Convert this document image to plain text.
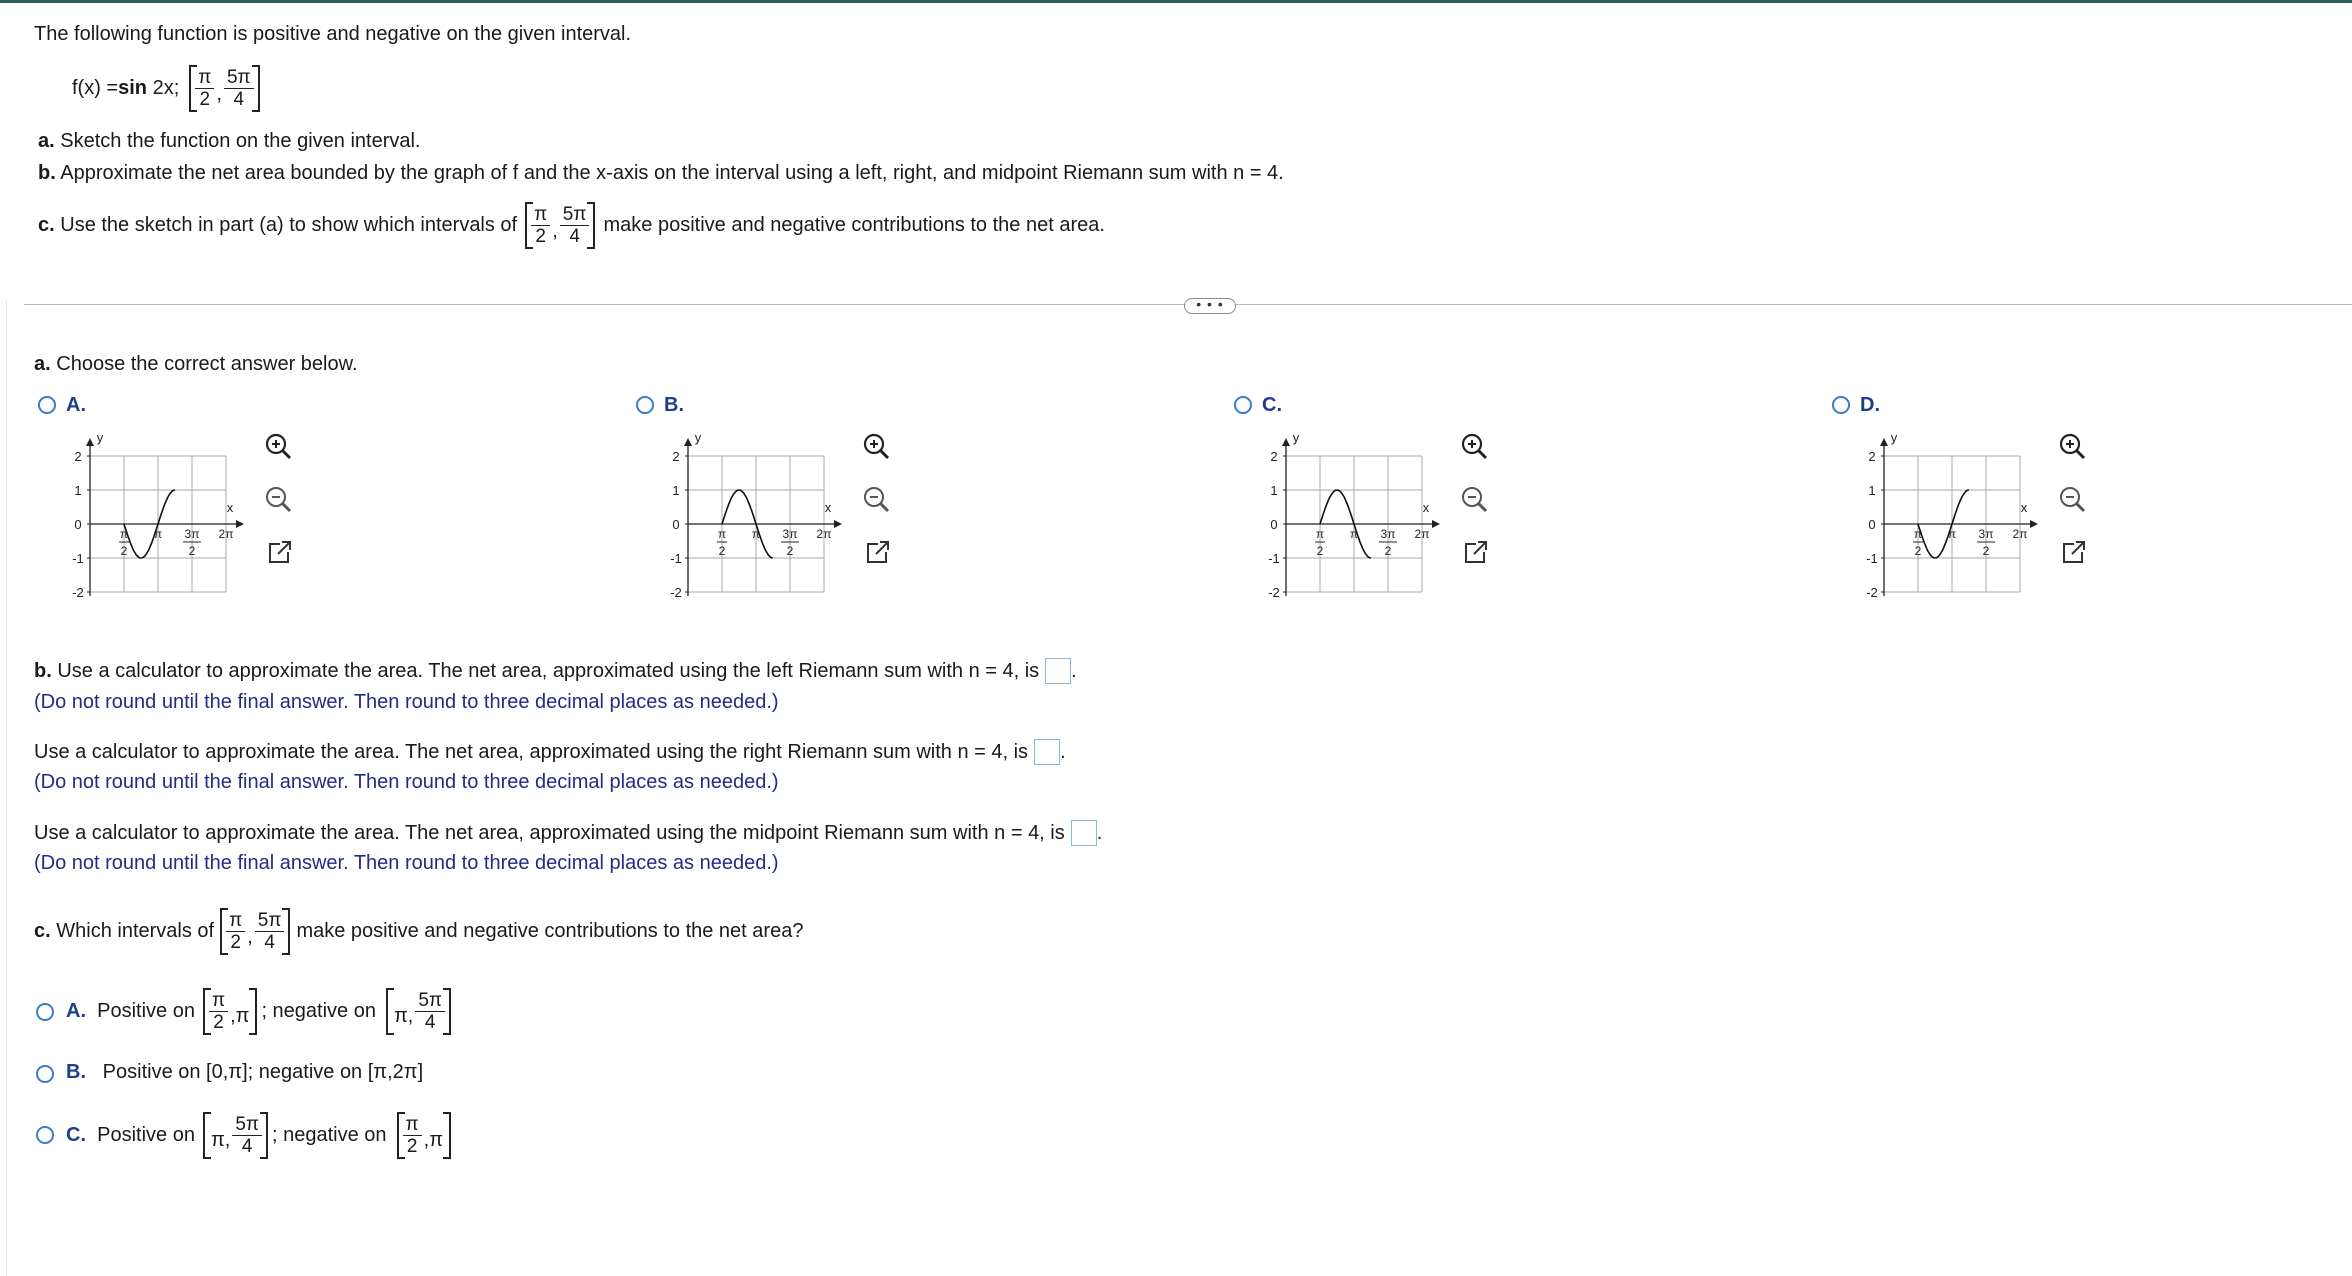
The following function is positive and negative on the given interval.
f(x) = sin 2x; $\frac{\pi}{2}$ , $\frac{5\pi}{4}$
a. Sketch the function on the given interval.
b. Approximate the net area bounded by the graph of f and the x-axis on the interval using a left, right, and midpoint Riemann sum with n = 4.
c.
Use the sketch in part (a) to show which intervals of $\frac{\pi}{2}$ , $\frac{5\pi}{4}$ make positive and negative contributions to the net area.
• • •
a. Choose the correct answer below.
A.
y
x
2
1
0
-1
-2
π
2
π 3π
2
2π
B.
y
x
2
1
0
-1
-2
π
2
π 3π
2
2π
C.
y
x
2
1
0
-1
-2
π
2
π 3π
2
2π
D.
y
x
2
1
0
-1
-2
π
2
π 3π
2
2π
b.
Use a calculator to approximate the area. The net area, approximated using the left Riemann sum with n = 4, is .
(Do not round until the final answer. Then round to three decimal places as needed.)
Use a calculator to approximate the area. The net area, approximated using the right Riemann sum with n = 4, is .
(Do not round until the final answer. Then round to three decimal places as needed.)
Use a calculator to approximate the area. The net area, approximated using the midpoint Riemann sum with n = 4, is .
(Do not round until the final answer. Then round to three decimal places as needed.)
c.
Which intervals of $\frac{\pi}{2}$ , $\frac{5\pi}{4}$ make positive and negative contributions to the net area?
A.
Positive on $\frac{\pi}{2} ,\pi$ ; negative on π, $\frac{5\pi}{4}$
B. Positive on [0,π]; negative on [π,2π]
C.
Positive on π, $\frac{5\pi}{4}$ ; negative on $\frac{\pi}{2} ,\pi$
